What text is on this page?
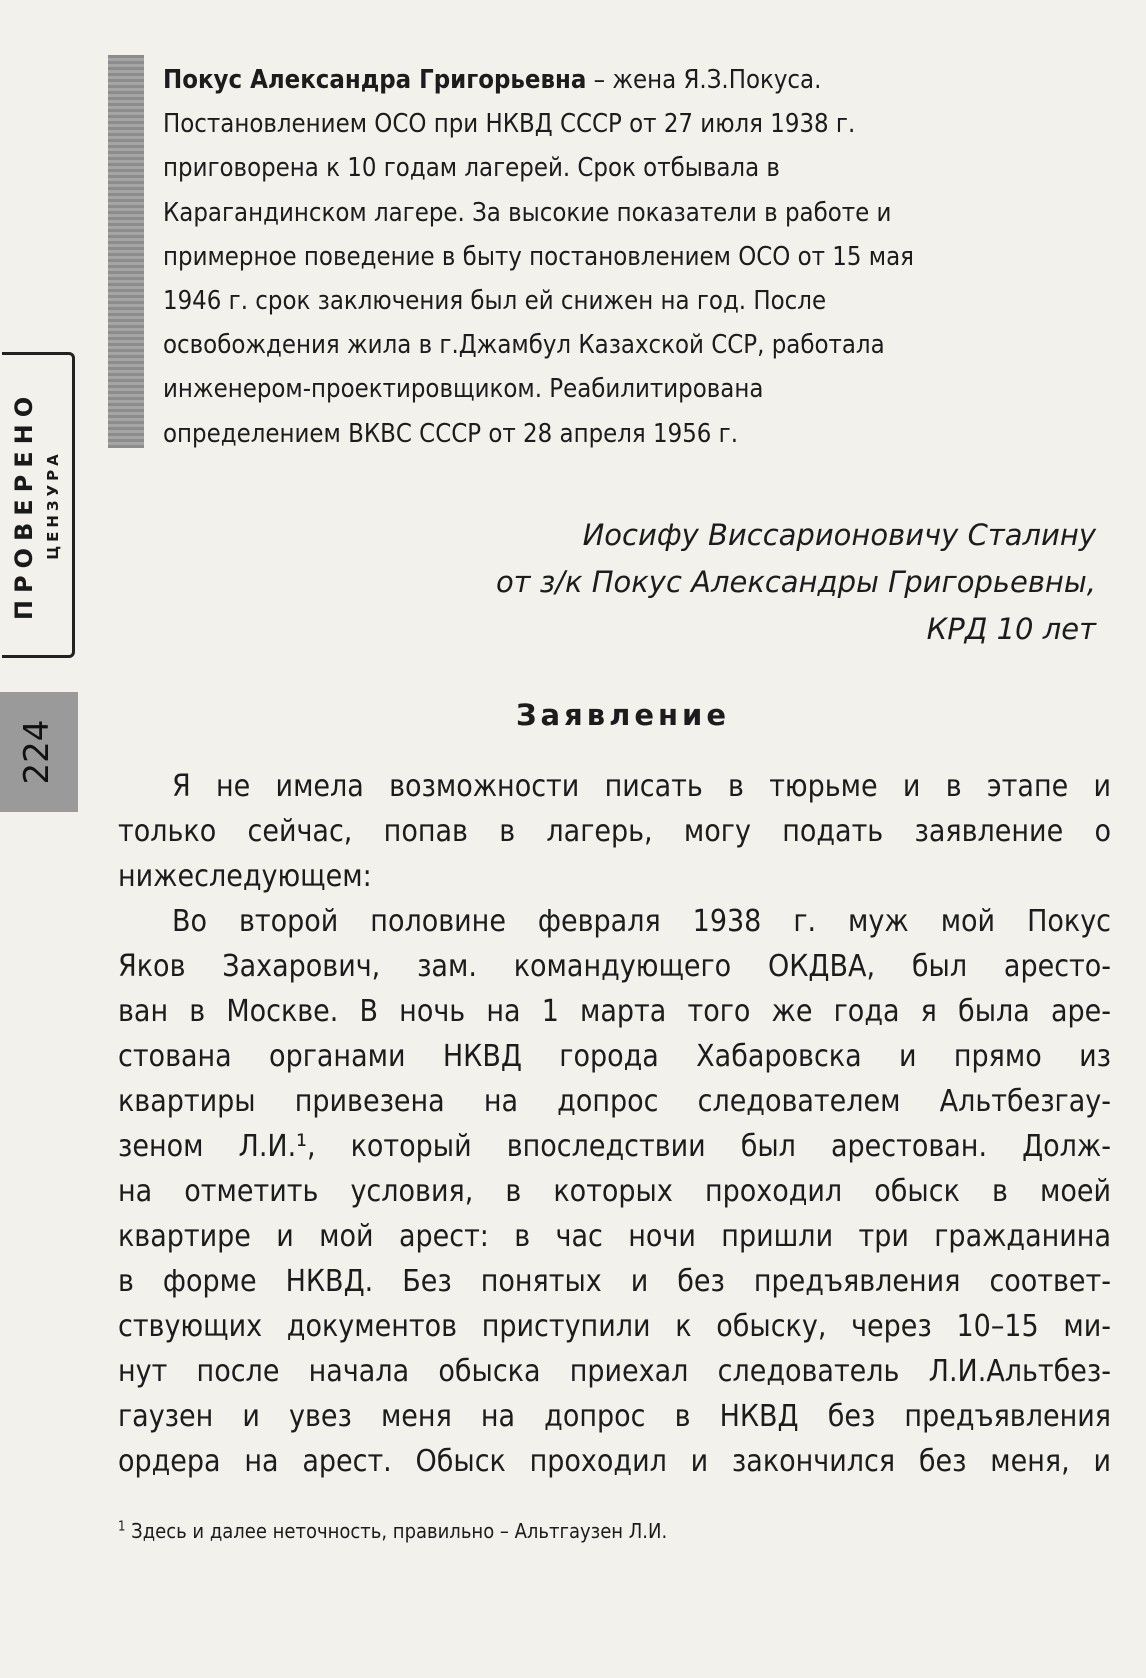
Покус Александра Григорьевна – жена Я.З.Покуса.
Постановлением ОСО при НКВД СССР от 27 июля 1938 г.
приговорена к 10 годам лагерей. Срок отбывала в
Карагандинском лагере. За высокие показатели в работе и
примерное поведение в быту постановлением ОСО от 15 мая
1946 г. срок заключения был ей снижен на год. После
освобождения жила в г.Джамбул Казахской ССР, работала
инженером-проектировщиком. Реабилитирована
определением ВКВС СССР от 28 апреля 1956 г.
ПРОВЕРЕНО ЦЕНЗУРА
224
Иосифу Виссарионовичу Сталину
от з/к Покус Александры Григорьевны,
КРД 10 лет
Заявление
Я не имела возможности писать в тюрьме и в этапе и
только сейчас, попав в лагерь, могу подать заявление о
нижеследующем:
Во второй половине февраля 1938 г. муж мой Покус
Яков Захарович, зам. командующего ОКДВА, был аресто-
ван в Москве. В ночь на 1 марта того же года я была аре-
стована органами НКВД города Хабаровска и прямо из
квартиры привезена на допрос следователем Альтбезгау-
зеном Л.И.¹, который впоследствии был арестован. Долж-
на отметить условия, в которых проходил обыск в моей
квартире и мой арест: в час ночи пришли три гражданина
в форме НКВД. Без понятых и без предъявления соответ-
ствующих документов приступили к обыску, через 10–15 ми-
нут после начала обыска приехал следователь Л.И.Альтбез-
гаузен и увез меня на допрос в НКВД без предъявления
ордера на арест. Обыск проходил и закончился без меня, и
$^1$ Здесь и далее неточность, правильно – Альтгаузен Л.И.
